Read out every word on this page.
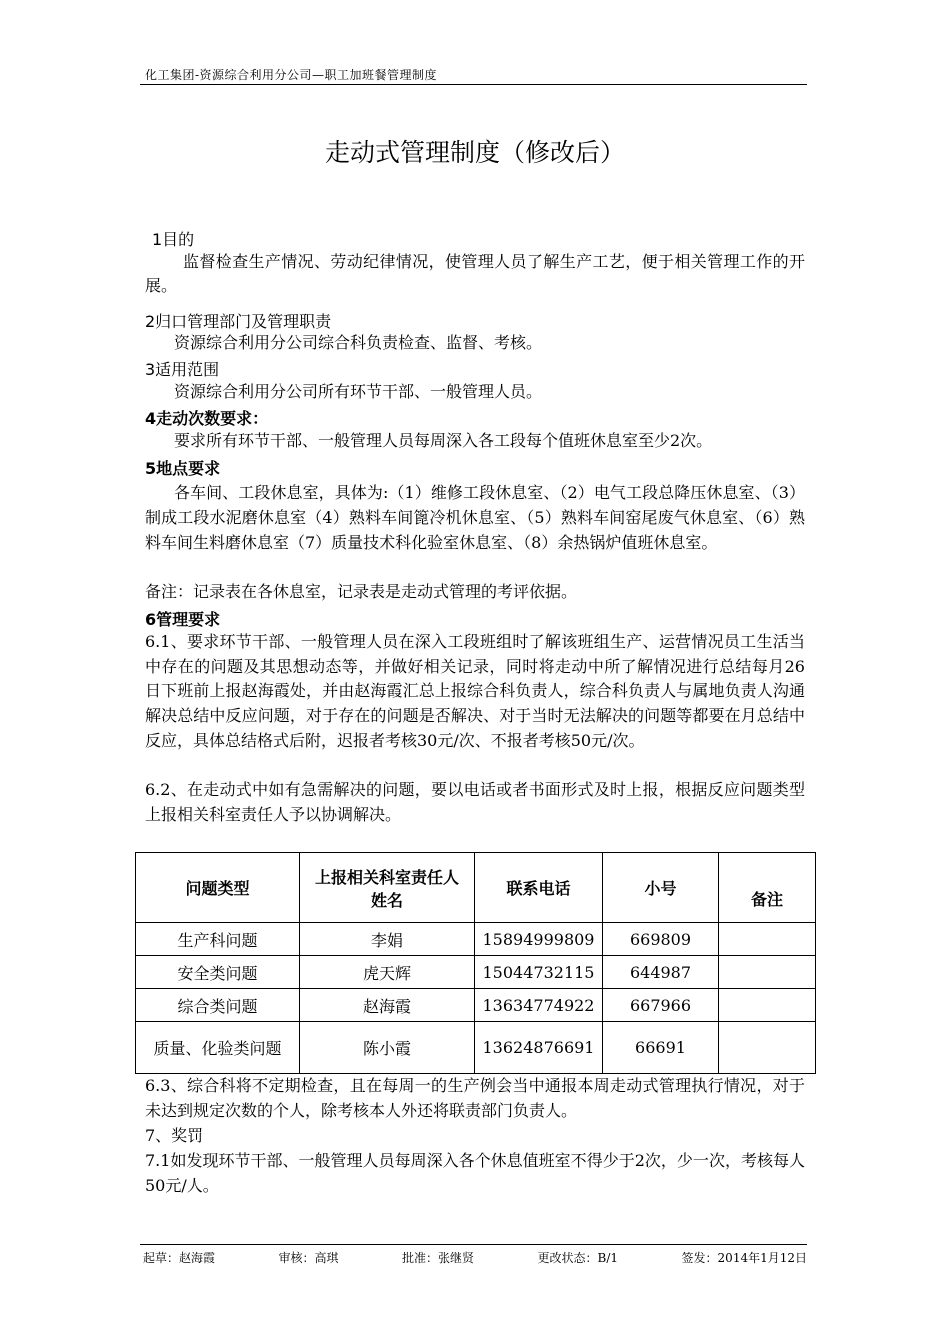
化工集团-资源综合利用分公司—职工加班餐管理制度
走动式管理制度（修改后）
1目的

监督检查生产情况、劳动纪律情况，使管理人员了解生产工艺，便于相关管理工作的开展。

2归口管理部门及管理职责

资源综合利用分公司综合科负责检查、监督、考核。

3适用范围

资源综合利用分公司所有环节干部、一般管理人员。

4走动次数要求：

要求所有环节干部、一般管理人员每周深入各工段每个值班休息室至少2次。

5地点要求

各车间、工段休息室，具体为:（1）维修工段休息室、（2）电气工段总降压休息室、（3）制成工段水泥磨休息室（4）熟料车间篦冷机休息室、（5）熟料车间窑尾废气休息室、（6）熟料车间生料磨休息室（7）质量技术科化验室休息室、（8）余热锅炉值班休息室。

备注：记录表在各休息室，记录表是走动式管理的考评依据。

6管理要求

6.1、要求环节干部、一般管理人员在深入工段班组时了解该班组生产、运营情况员工生活当中存在的问题及其思想动态等，并做好相关记录，同时将走动中所了解情况进行总结每月26日下班前上报赵海霞处，并由赵海霞汇总上报综合科负责人，综合科负责人与属地负责人沟通解决总结中反应问题，对于存在的问题是否解决、对于当时无法解决的问题等都要在月总结中反应，具体总结格式后附，迟报者考核30元/次、不报者考核50元/次。

6.2、在走动式中如有急需解决的问题，要以电话或者书面形式及时上报，根据反应问题类型上报相关科室责任人予以协调解决。

问题类型	上报相关科室责任人姓名	联系电话	小号	备注
生产科问题	李娟	15894999809	669809	
安全类问题	虎天辉	15044732115	644987	
综合类问题	赵海霞	13634774922	667966	
质量、化验类问题	陈小霞	13624876691	66691	

6.3、综合科将不定期检查，且在每周一的生产例会当中通报本周走动式管理执行情况，对于未达到规定次数的个人，除考核本人外还将联责部门负责人。

7、奖罚

7.1如发现环节干部、一般管理人员每周深入各个休息值班室不得少于2次，少一次，考核每人50元/人。

起草：赵海霞	审核：高琪	批准：张继贤	更改状态：B/1	签发：2014年1月12日
